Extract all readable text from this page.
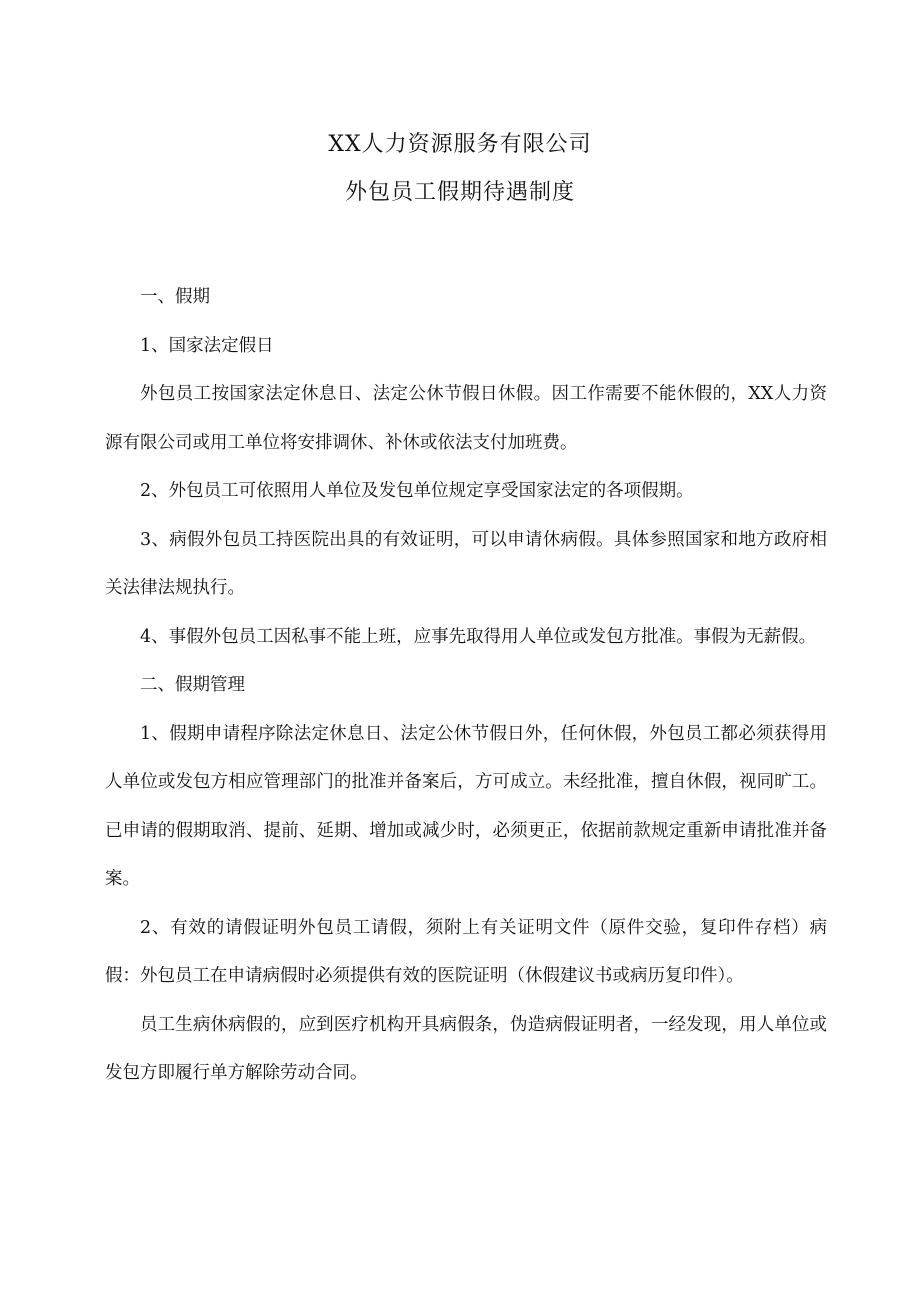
XX人力资源服务有限公司
外包员工假期待遇制度

一、假期

1、国家法定假日

外包员工按国家法定休息日、法定公休节假日休假。因工作需要不能休假的，XX人力资源有限公司或用工单位将安排调休、补休或依法支付加班费。

2、外包员工可依照用人单位及发包单位规定享受国家法定的各项假期。

3、病假外包员工持医院出具的有效证明，可以申请休病假。具体参照国家和地方政府相关法律法规执行。

4、事假外包员工因私事不能上班，应事先取得用人单位或发包方批准。事假为无薪假。

二、假期管理

1、假期申请程序除法定休息日、法定公休节假日外，任何休假，外包员工都必须获得用人单位或发包方相应管理部门的批准并备案后，方可成立。未经批准，擅自休假，视同旷工。已申请的假期取消、提前、延期、增加或减少时，必须更正，依据前款规定重新申请批准并备案。

2、有效的请假证明外包员工请假，须附上有关证明文件（原件交验，复印件存档）病假：外包员工在申请病假时必须提供有效的医院证明（休假建议书或病历复印件）。

员工生病休病假的，应到医疗机构开具病假条，伪造病假证明者，一经发现，用人单位或发包方即履行单方解除劳动合同。
